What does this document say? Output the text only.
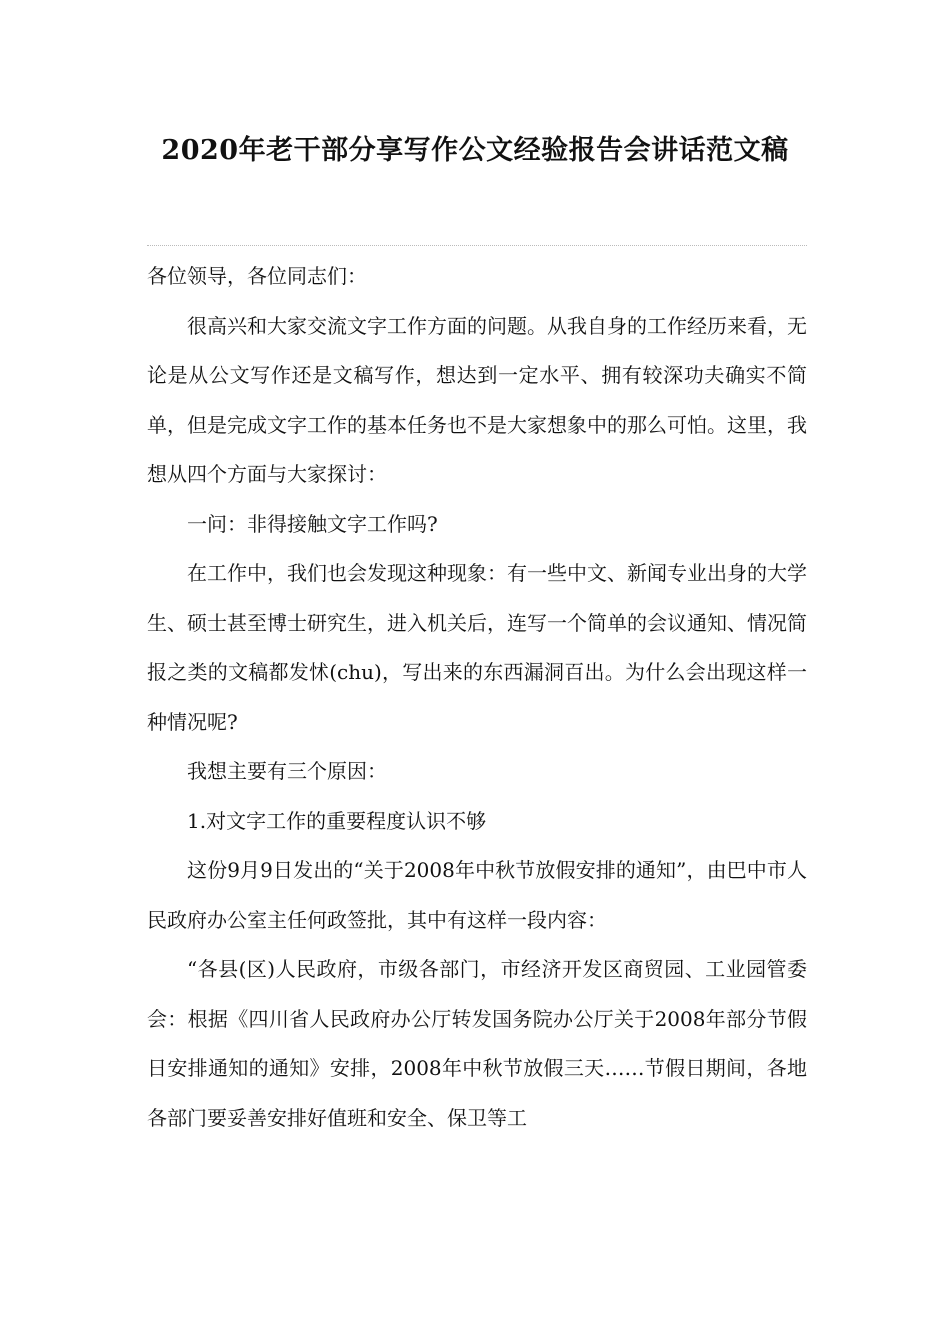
2020年老干部分享写作公文经验报告会讲话范文稿

各位领导，各位同志们：

很高兴和大家交流文字工作方面的问题。从我自身的工作经历来看，无论是从公文写作还是文稿写作，想达到一定水平、拥有较深功夫确实不简单，但是完成文字工作的基本任务也不是大家想象中的那么可怕。这里，我想从四个方面与大家探讨：

一问：非得接触文字工作吗?

在工作中，我们也会发现这种现象：有一些中文、新闻专业出身的大学生、硕士甚至博士研究生，进入机关后，连写一个简单的会议通知、情况简报之类的文稿都发怵(chu)，写出来的东西漏洞百出。为什么会出现这样一种情况呢?

我想主要有三个原因：

1.对文字工作的重要程度认识不够

这份9月9日发出的“关于2008年中秋节放假安排的通知”，由巴中市人民政府办公室主任何政签批，其中有这样一段内容：

“各县(区)人民政府，市级各部门，市经济开发区商贸园、工业园管委会：根据《四川省人民政府办公厅转发国务院办公厅关于2008年部分节假日安排通知的通知》安排，2008年中秋节放假三天……节假日期间，各地各部门要妥善安排好值班和安全、保卫等工
